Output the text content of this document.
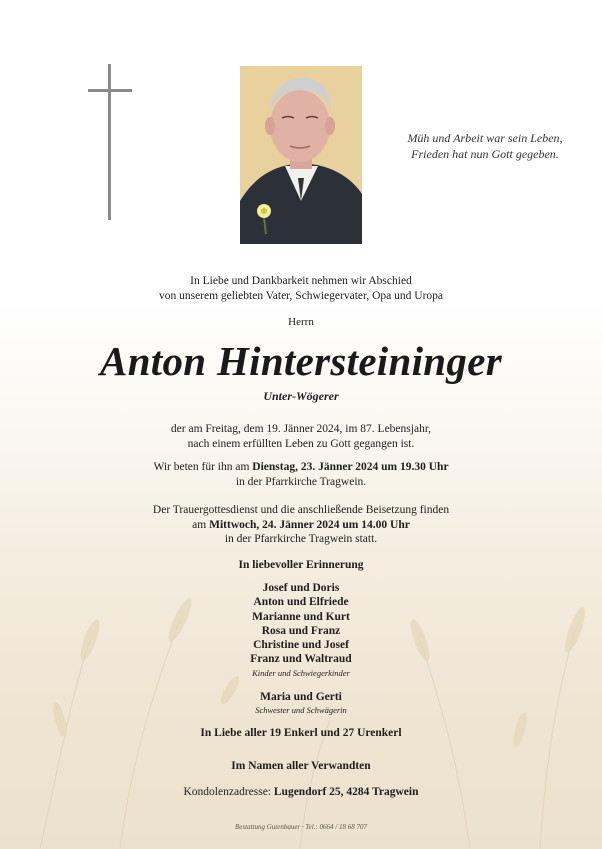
Müh und Arbeit war sein Leben,
Frieden hat nun Gott gegeben.
In Liebe und Dankbarkeit nehmen wir Abschied
von unserem geliebten Vater, Schwiegervater, Opa und Uropa
Herrn
Anton Hintersteininger
Unter-Wögerer
der am Freitag, dem 19. Jänner 2024, im 87. Lebensjahr,
nach einem erfüllten Leben zu Gott gegangen ist.
Wir beten für ihn am Dienstag, 23. Jänner 2024 um 19.30 Uhr
in der Pfarrkirche Tragwein.
Der Trauergottesdienst und die anschließende Beisetzung finden
am Mittwoch, 24. Jänner 2024 um 14.00 Uhr
in der Pfarrkirche Tragwein statt.
In liebevoller Erinnerung
Josef und Doris
Anton und Elfriede
Marianne und Kurt
Rosa und Franz
Christine und Josef
Franz und Waltraud
Kinder und Schwiegerkinder
Maria und Gerti
Schwester und Schwägerin
In Liebe aller 19 Enkerl und 27 Urenkerl
Im Namen aller Verwandten
Kondolenzadresse: Lugendorf 25, 4284 Tragwein
Bestattung Gutenbauer · Tel.: 0664 / 18 68 707
